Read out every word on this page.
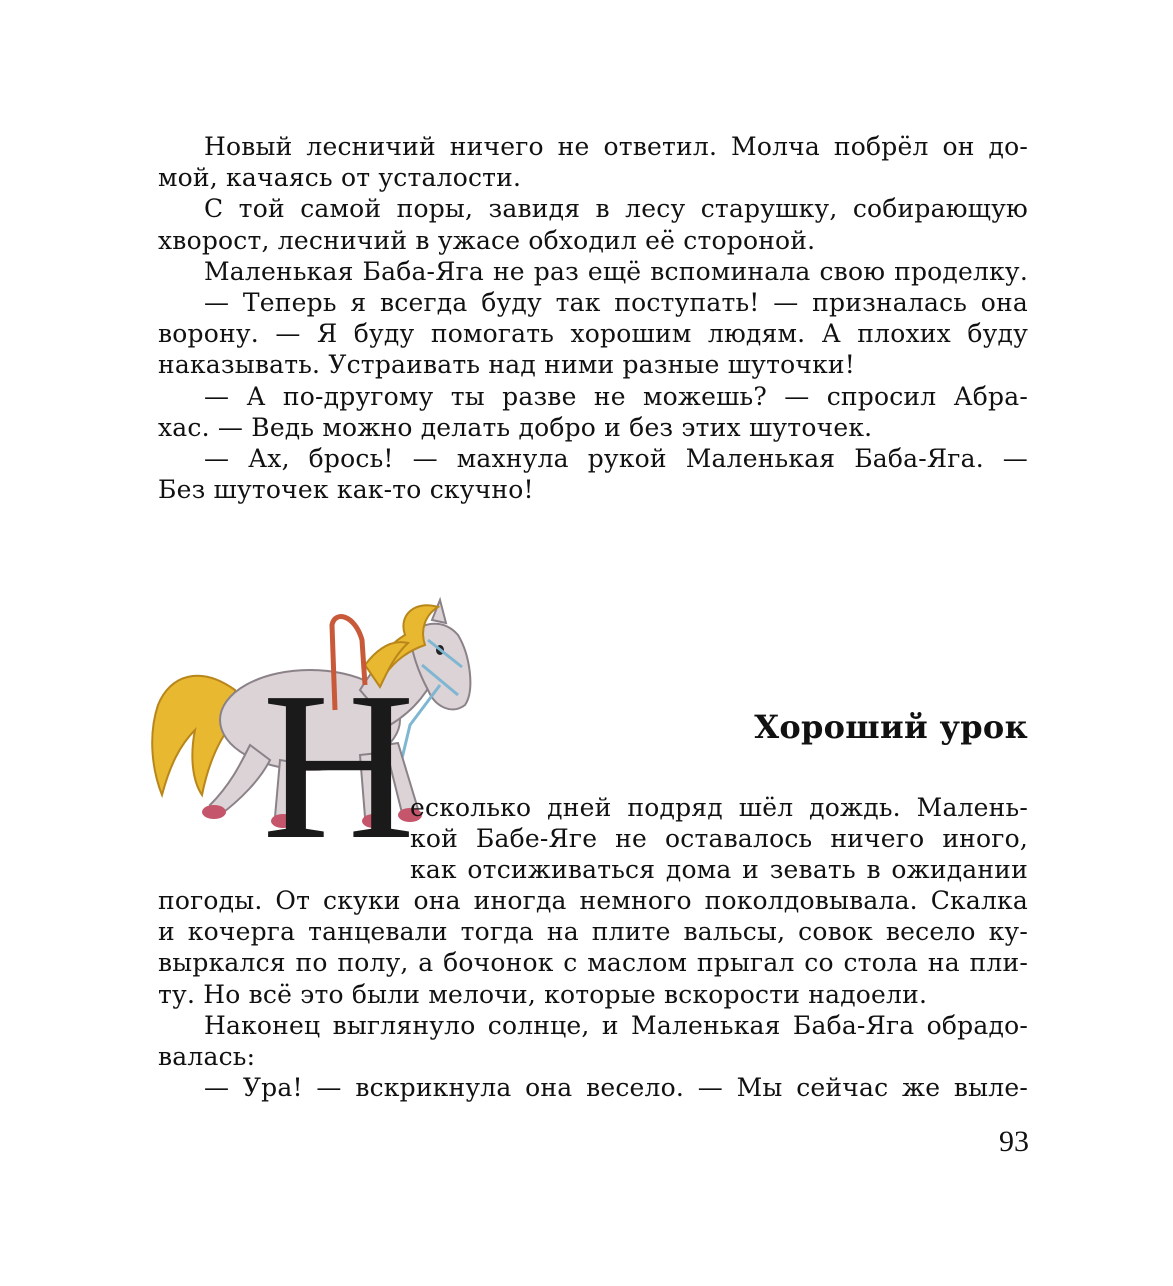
Новый лесничий ничего не ответил. Молча побрёл он до-
мой, качаясь от усталости.
С той самой поры, завидя в лесу старушку, собирающую
хворост, лесничий в ужасе обходил её стороной.
Маленькая Баба-Яга не раз ещё вспоминала свою проделку.
— Теперь я всегда буду так поступать! — призналась она
ворону. — Я буду помогать хорошим людям. А плохих буду
наказывать. Устраивать над ними разные шуточки!
— А по-другому ты разве не можешь? — спросил Абра-
хас. — Ведь можно делать добро и без этих шуточек.
— Ах, брось! — махнула рукой Маленькая Баба-Яга. —
Без шуточек как-то скучно!
Н	Хороший урок
есколько дней подряд шёл дождь. Малень-
кой Бабе-Яге не оставалось ничего иного,
как отсиживаться дома и зевать в ожидании
погоды. От скуки она иногда немного поколдовывала. Скалка
и кочерга танцевали тогда на плите вальсы, совок весело ку-
выркался по полу, а бочонок с маслом прыгал со стола на пли-
ту. Но всё это были мелочи, которые вскорости надоели.
Наконец выглянуло солнце, и Маленькая Баба-Яга обрадо-
валась:
— Ура! — вскрикнула она весело. — Мы сейчас же выле-
93
